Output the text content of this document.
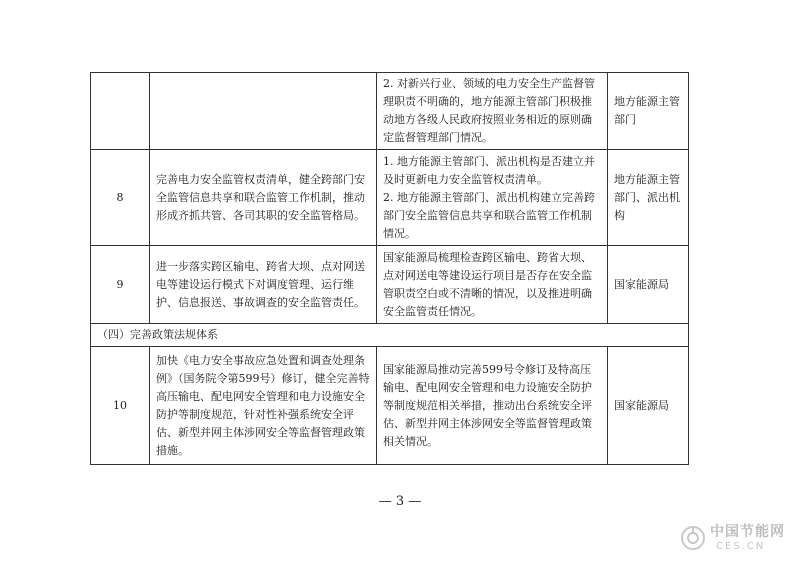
		2. 对新兴行业、领域的电力安全生产监督管理职责不明确的，地方能源主管部门积极推动地方各级人民政府按照业务相近的原则确定监督管理部门情况。	地方能源主管部门
8	完善电力安全监管权责清单，健全跨部门安全监管信息共享和联合监管工作机制，推动形成齐抓共管、各司其职的安全监管格局。	1. 地方能源主管部门、派出机构是否建立并及时更新电力安全监管权责清单。
2. 地方能源主管部门、派出机构建立完善跨部门安全监管信息共享和联合监管工作机制情况。	地方能源主管部门、派出机构
9	进一步落实跨区输电、跨省大坝、点对网送电等建设运行模式下对调度管理、运行维护、信息报送、事故调查的安全监管责任。	国家能源局梳理检查跨区输电、跨省大坝、点对网送电等建设运行项目是否存在安全监管职责空白或不清晰的情况，以及推进明确安全监管责任情况。	国家能源局
（四）完善政策法规体系			
10	加快《电力安全事故应急处置和调查处理条例》（国务院令第599号）修订，健全完善特高压输电、配电网安全管理和电力设施安全防护等制度规范，针对性补强系统安全评估、新型并网主体涉网安全等监督管理政策措施。	国家能源局推动完善599号令修订及特高压输电、配电网安全管理和电力设施安全防护等制度规范相关举措，推动出台系统安全评估、新型并网主体涉网安全等监督管理政策相关情况。	国家能源局
— 3 —
中国节能网
CES.CN
